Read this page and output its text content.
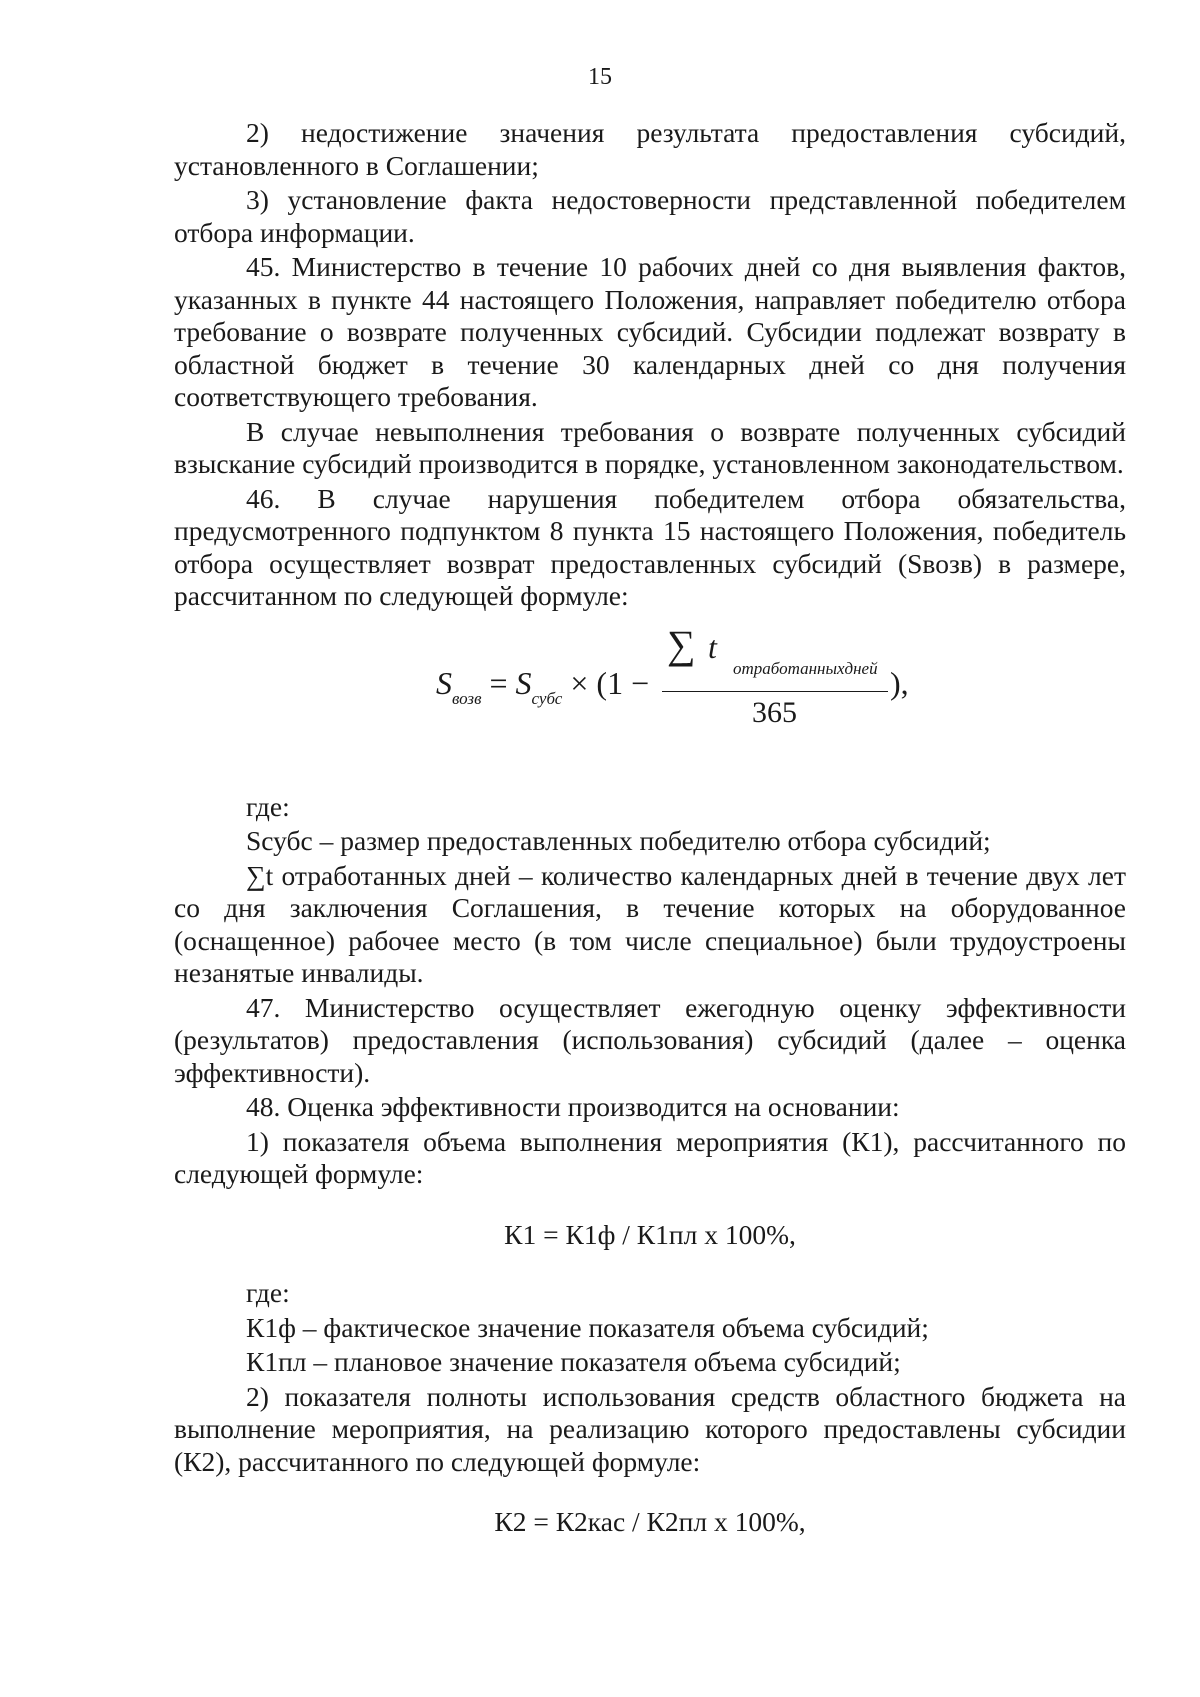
15

2) недостижение значения результата предоставления субсидий, установленного в Соглашении;

3) установление факта недостоверности представленной победителем отбора информации.

45. Министерство в течение 10 рабочих дней со дня выявления фактов, указанных в пункте 44 настоящего Положения, направляет победителю отбора требование о возврате полученных субсидий. Субсидии подлежат возврату в областной бюджет в течение 30 календарных дней со дня получения соответствующего требования.

В случае невыполнения требования о возврате полученных субсидий взыскание субсидий производится в порядке, установленном законодательством.

46. В случае нарушения победителем отбора обязательства, предусмотренного подпунктом 8 пункта 15 настоящего Положения, победитель отбора осуществляет возврат предоставленных субсидий (Sвозв) в размере, рассчитанном по следующей формуле:

$S_{возв} = S_{субс} \times (1$ −
∑ t
отработанныхдней
365
),

где:

Sсубс – размер предоставленных победителю отбора субсидий;

∑t отработанных дней – количество календарных дней в течение двух лет со дня заключения Соглашения, в течение которых на оборудованное (оснащенное) рабочее место (в том числе специальное) были трудоустроены незанятые инвалиды.

47. Министерство осуществляет ежегодную оценку эффективности (результатов) предоставления (использования) субсидий (далее – оценка эффективности).

48. Оценка эффективности производится на основании:

1) показателя объема выполнения мероприятия (К1), рассчитанного по следующей формуле:

К1 = К1ф / К1пл х 100%,

где:

К1ф – фактическое значение показателя объема субсидий;

К1пл – плановое значение показателя объема субсидий;

2) показателя полноты использования средств областного бюджета на выполнение мероприятия, на реализацию которого предоставлены субсидии (К2), рассчитанного по следующей формуле:

К2 = К2кас / К2пл х 100%,
